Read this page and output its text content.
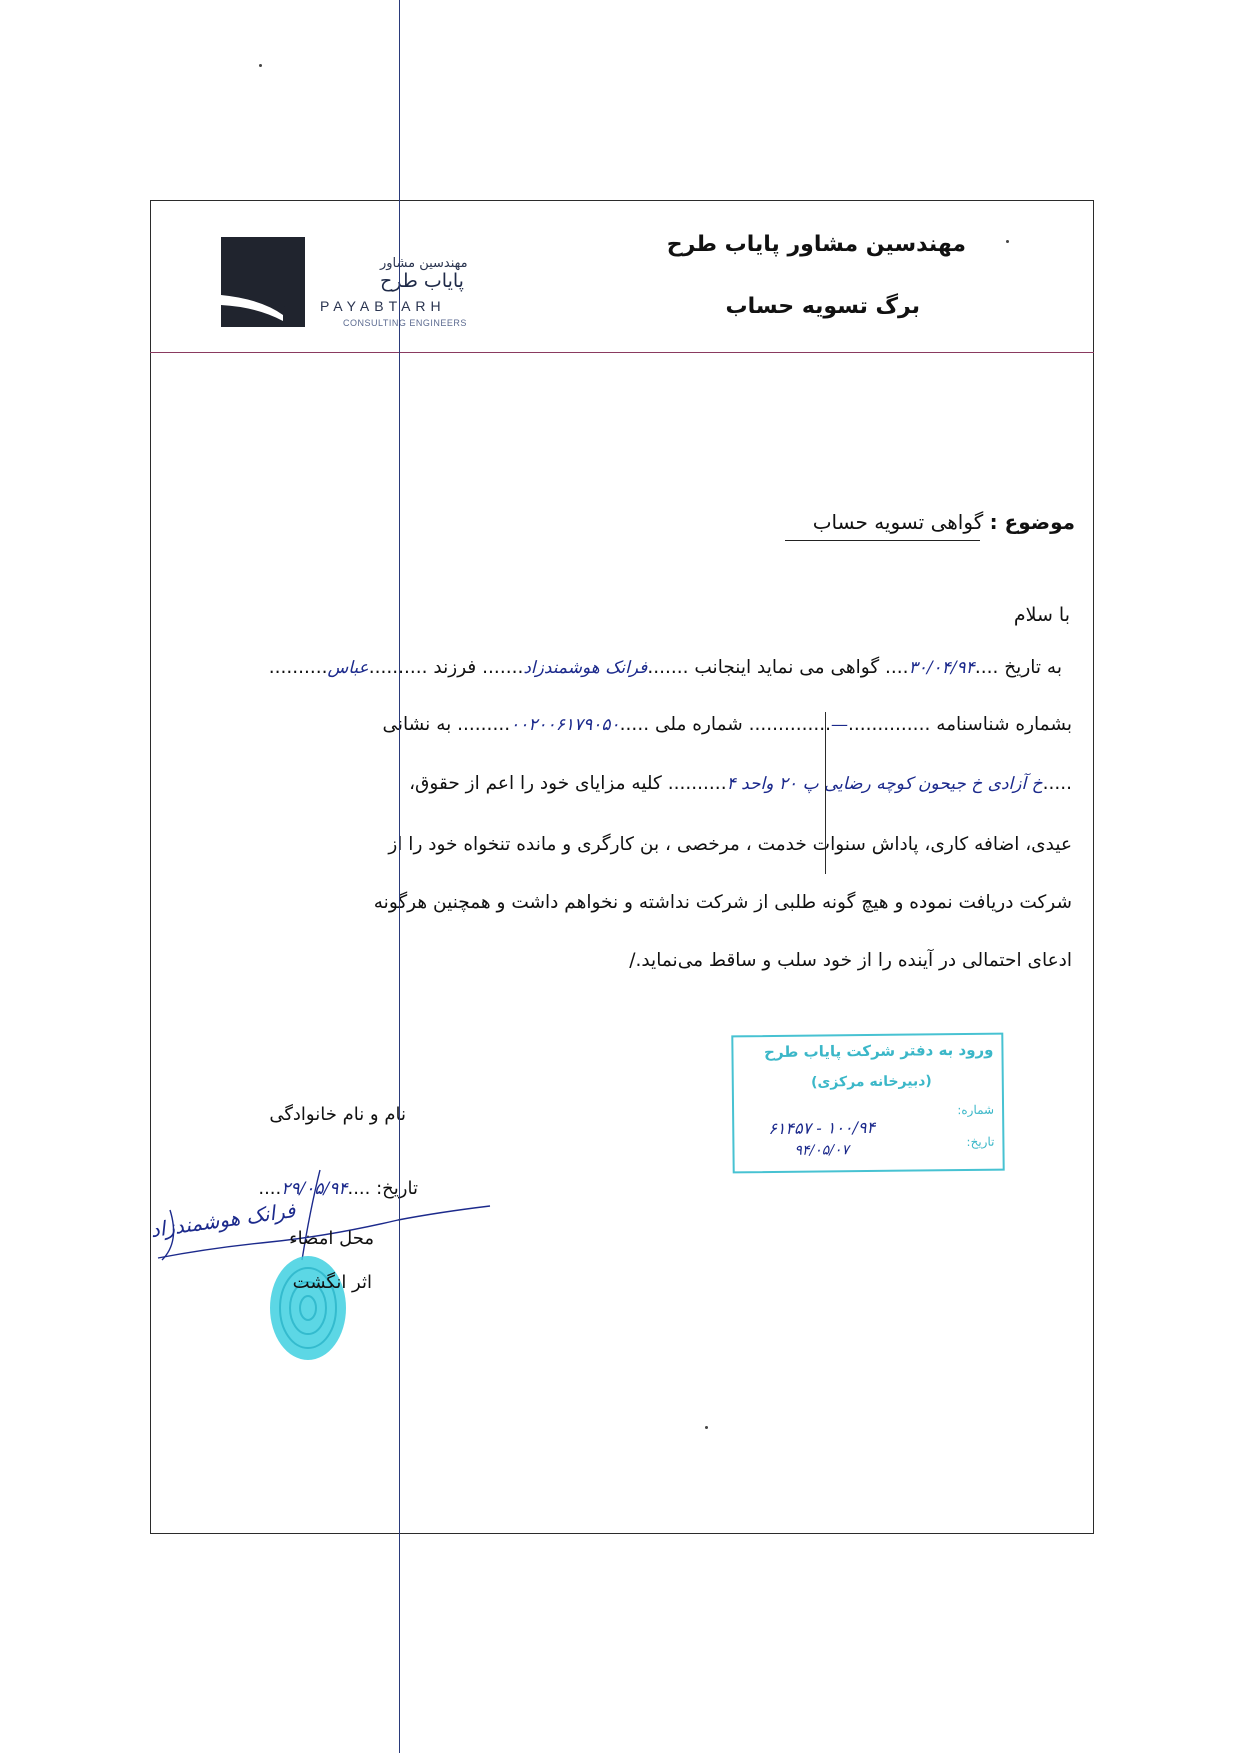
مهندسین مشاور
پایاب طرح
PAYABTARH
CONSULTING ENGINEERS
مهندسین مشاور پایاب طرح
برگ تسویه حساب
موضوع : گواهی تسویه حساب
با سلام
به تاریخ ....۳۰/۰۴/۹۴.... گواهی می نماید اینجانب .......فرانک هوشمندزاد....... فرزند ..........عباس..........
بشماره شناسنامه ..............—.............. شماره ملی .....۰۰۲۰۰۶۱۷۹۰۵۰......... به نشانی
.....خ آزادی خ جیحون کوچه رضایی پ ۲۰ واحد ۴.......... کلیه مزایای خود را اعم از حقوق،
عیدی، اضافه کاری، پاداش سنوات خدمت ، مرخصی ، بن کارگری و مانده تنخواه خود را از
شرکت دریافت نموده و هیچ گونه طلبی از شرکت نداشته و نخواهم داشت و همچنین هرگونه
ادعای احتمالی در آینده را از خود سلب و ساقط می‌نماید./
ورود به دفتر شرکت پایاب طرح
(دبیرخانه مرکزی)
شماره:
تاریخ:
۱۰۰/۹۴ - ۶۱۴۵۷
۹۴/۰۵/۰۷
نام و نام خانوادگی
تاریخ: ....۲۹/۰۵/۹۴....
فرانک هوشمندزاد
محل امضاء
اثر انگشت
